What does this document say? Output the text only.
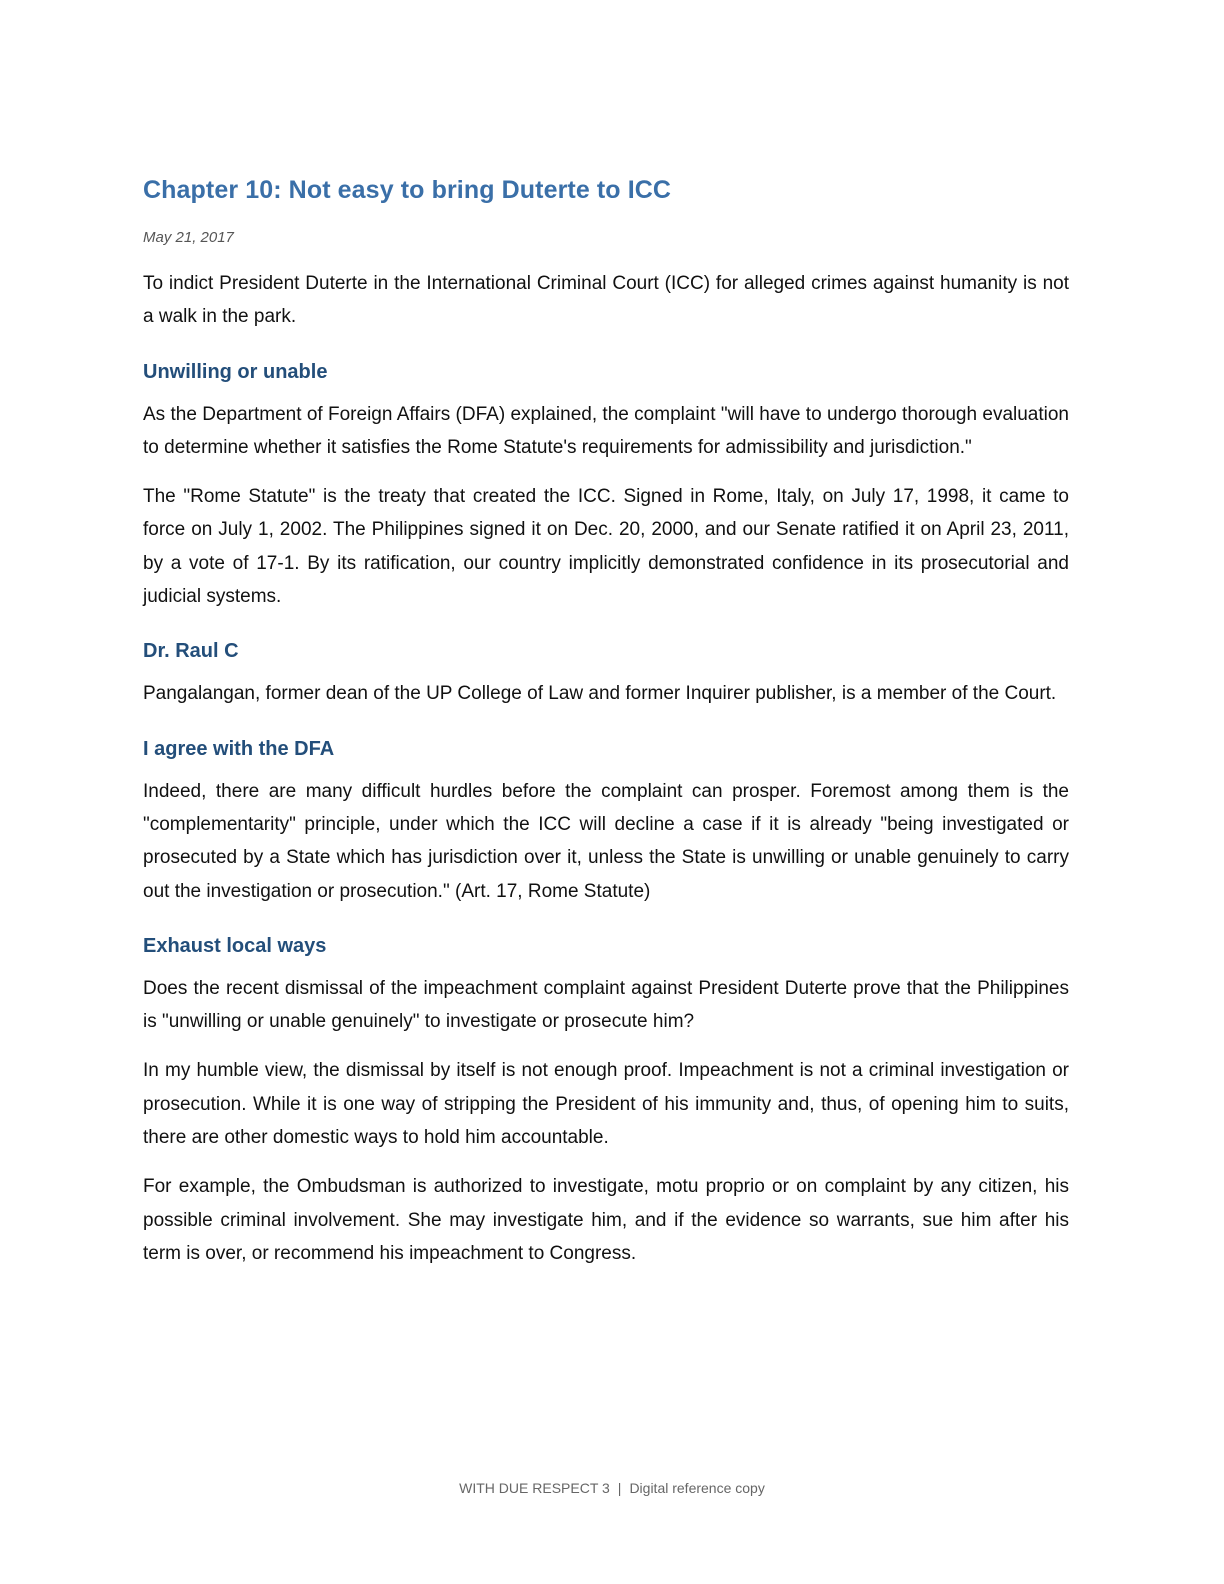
Chapter 10: Not easy to bring Duterte to ICC
May 21, 2017

To indict President Duterte in the International Criminal Court (ICC) for alleged crimes against humanity is not a walk in the park.

Unwilling or unable

As the Department of Foreign Affairs (DFA) explained, the complaint "will have to undergo thorough evaluation to determine whether it satisfies the Rome Statute's requirements for admissibility and jurisdiction."

The "Rome Statute" is the treaty that created the ICC. Signed in Rome, Italy, on July 17, 1998, it came to force on July 1, 2002. The Philippines signed it on Dec. 20, 2000, and our Senate ratified it on April 23, 2011, by a vote of 17-1. By its ratification, our country implicitly demonstrated confidence in its prosecutorial and judicial systems.

Dr. Raul C

Pangalangan, former dean of the UP College of Law and former Inquirer publisher, is a member of the Court.

I agree with the DFA

Indeed, there are many difficult hurdles before the complaint can prosper. Foremost among them is the "complementarity" principle, under which the ICC will decline a case if it is already "being investigated or prosecuted by a State which has jurisdiction over it, unless the State is unwilling or unable genuinely to carry out the investigation or prosecution." (Art. 17, Rome Statute)

Exhaust local ways

Does the recent dismissal of the impeachment complaint against President Duterte prove that the Philippines is "unwilling or unable genuinely" to investigate or prosecute him?

In my humble view, the dismissal by itself is not enough proof. Impeachment is not a criminal investigation or prosecution. While it is one way of stripping the President of his immunity and, thus, of opening him to suits, there are other domestic ways to hold him accountable.

For example, the Ombudsman is authorized to investigate, motu proprio or on complaint by any citizen, his possible criminal involvement. She may investigate him, and if the evidence so warrants, sue him after his term is over, or recommend his impeachment to Congress.

WITH DUE RESPECT 3 | Digital reference copy
